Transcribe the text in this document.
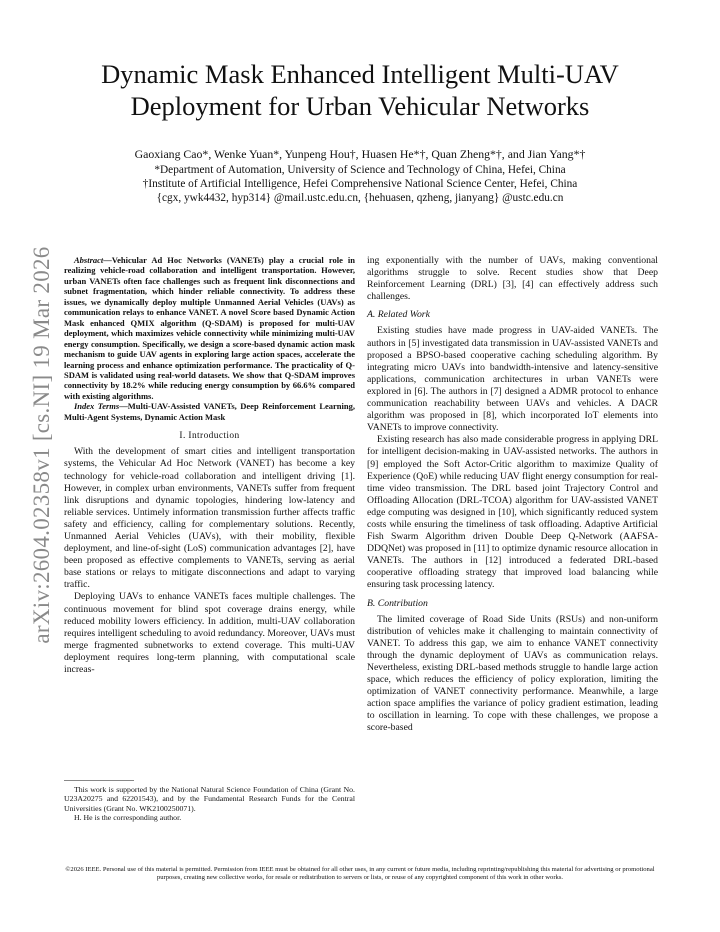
arXiv:2604.02358v1 [cs.NI] 19 Mar 2026
Dynamic Mask Enhanced Intelligent Multi-UAV
Deployment for Urban Vehicular Networks
Gaoxiang Cao*, Wenke Yuan*, Yunpeng Hou†, Huasen He*†, Quan Zheng*†, and Jian Yang*†
*Department of Automation, University of Science and Technology of China, Hefei, China
†Institute of Artificial Intelligence, Hefei Comprehensive National Science Center, Hefei, China
{cgx, ywk4432, hyp314} @mail.ustc.edu.cn, {hehuasen, qzheng, jianyang} @ustc.edu.cn

Abstract—Vehicular Ad Hoc Networks (VANETs) play a crucial role in realizing vehicle-road collaboration and intelligent transportation. However, urban VANETs often face challenges such as frequent link disconnections and subnet fragmentation, which hinder reliable connectivity. To address these issues, we dynamically deploy multiple Unmanned Aerial Vehicles (UAVs) as communication relays to enhance VANET. A novel Score based Dynamic Action Mask enhanced QMIX algorithm (Q-SDAM) is proposed for multi-UAV deployment, which maximizes vehicle connectivity while minimizing multi-UAV energy consumption. Specifically, we design a score-based dynamic action mask mechanism to guide UAV agents in exploring large action spaces, accelerate the learning process and enhance optimization performance. The practicality of Q-SDAM is validated using real-world datasets. We show that Q-SDAM improves connectivity by 18.2% while reducing energy consumption by 66.6% compared with existing algorithms.

Index Terms—Multi-UAV-Assisted VANETs, Deep Reinforcement Learning, Multi-Agent Systems, Dynamic Action Mask

I. Introduction

With the development of smart cities and intelligent transportation systems, the Vehicular Ad Hoc Network (VANET) has become a key technology for vehicle-road collaboration and intelligent driving [1]. However, in complex urban environments, VANETs suffer from frequent link disruptions and dynamic topologies, hindering low-latency and reliable services. Untimely information transmission further affects traffic safety and efficiency, calling for complementary solutions. Recently, Unmanned Aerial Vehicles (UAVs), with their mobility, flexible deployment, and line-of-sight (LoS) communication advantages [2], have been proposed as effective complements to VANETs, serving as aerial base stations or relays to mitigate disconnections and adapt to varying traffic.

Deploying UAVs to enhance VANETs faces multiple challenges. The continuous movement for blind spot coverage drains energy, while reduced mobility lowers efficiency. In addition, multi-UAV collaboration requires intelligent scheduling to avoid redundancy. Moreover, UAVs must merge fragmented subnetworks to extend coverage. This multi-UAV deployment requires long-term planning, with computational scale increas-

This work is supported by the National Natural Science Foundation of China (Grant No. U23A20275 and 62201543), and by the Fundamental Research Funds for the Central Universities (Grant No. WK2100250071).

H. He is the corresponding author.

ing exponentially with the number of UAVs, making conventional algorithms struggle to solve. Recent studies show that Deep Reinforcement Learning (DRL) [3], [4] can effectively address such challenges.

A. Related Work

Existing studies have made progress in UAV-aided VANETs. The authors in [5] investigated data transmission in UAV-assisted VANETs and proposed a BPSO-based cooperative caching scheduling algorithm. By integrating micro UAVs into bandwidth-intensive and latency-sensitive applications, communication architectures in urban VANETs were explored in [6]. The authors in [7] designed a ADMR protocol to enhance communication reachability between UAVs and vehicles. A DACR algorithm was proposed in [8], which incorporated IoT elements into VANETs to improve connectivity.

Existing research has also made considerable progress in applying DRL for intelligent decision-making in UAV-assisted networks. The authors in [9] employed the Soft Actor-Critic algorithm to maximize Quality of Experience (QoE) while reducing UAV flight energy consumption for real-time video transmission. The DRL based joint Trajectory Control and Offloading Allocation (DRL-TCOA) algorithm for UAV-assisted VANET edge computing was designed in [10], which significantly reduced system costs while ensuring the timeliness of task offloading. Adaptive Artificial Fish Swarm Algorithm driven Double Deep Q-Network (AAFSA-DDQNet) was proposed in [11] to optimize dynamic resource allocation in VANETs. The authors in [12] introduced a federated DRL-based cooperative offloading strategy that improved load balancing while ensuring task processing latency.

B. Contribution

The limited coverage of Road Side Units (RSUs) and non-uniform distribution of vehicles make it challenging to maintain connectivity of VANET. To address this gap, we aim to enhance VANET connectivity through the dynamic deployment of UAVs as communication relays. Nevertheless, existing DRL-based methods struggle to handle large action space, which reduces the efficiency of policy exploration, limiting the optimization of VANET connectivity performance. Meanwhile, a large action space amplifies the variance of policy gradient estimation, leading to oscillation in learning. To cope with these challenges, we propose a score-based

©2026 IEEE. Personal use of this material is permitted. Permission from IEEE must be obtained for all other uses, in any current or future media, including reprinting/republishing this material for advertising or promotional purposes, creating new collective works, for resale or redistribution to servers or lists, or reuse of any copyrighted component of this work in other works.
